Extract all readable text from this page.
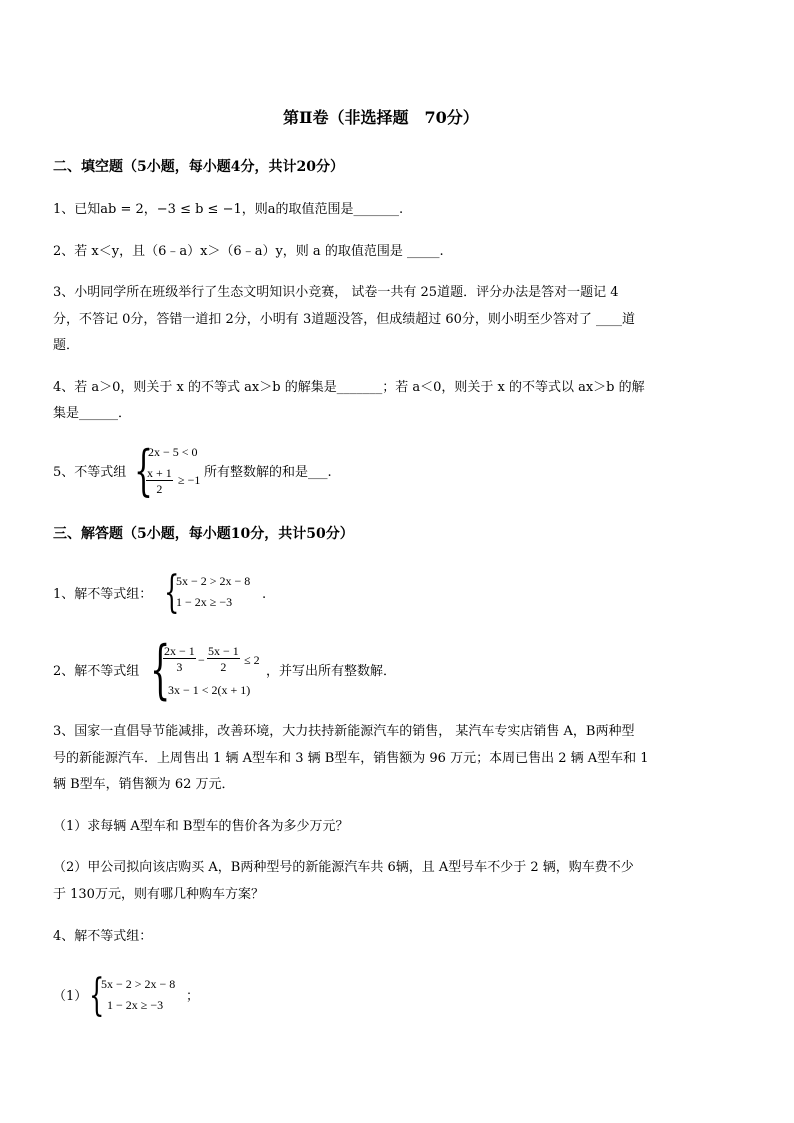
第Ⅱ卷（非选择题　70分）
二、填空题（5小题，每小题4分，共计20分）
1、已知ab = 2，−3 ≤ b ≤ −1，则a的取值范围是_______.
2、若 x＜y，且（6﹣a）x＞（6﹣a）y，则 a 的取值范围是 _____.
3、小明同学所在班级举行了生态文明知识小竞赛， 试卷一共有 25道题．评分办法是答对一题记 4
分，不答记 0分，答错一道扣 2分，小明有 3道题没答，但成绩超过 60分，则小明至少答对了 ____道
题．
4、若 a＞0，则关于 x 的不等式 ax＞b 的解集是_______；若 a＜0，则关于 x 的不等式以 ax＞b 的解
集是______．
5、不等式组 {
2x − 5 < 0
$\frac{x + 1}{2} \ge -1$ 所有整数解的和是___.
三、解答题（5小题，每小题10分，共计50分）
1、解不等式组： {
5x − 2 > 2x − 8
1 − 2x ≥ −3 .
2、解不等式组 {
$\frac{2x - 1}{3} - \frac{5x - 1}{2} \le 2$
3x − 1 < 2(x + 1)
，并写出所有整数解．
3、国家一直倡导节能减排，改善环境，大力扶持新能源汽车的销售， 某汽车专实店销售 A，B两种型
号的新能源汽车．上周售出 1 辆 A型车和 3 辆 B型车，销售额为 96 万元；本周已售出 2 辆 A型车和 1
辆 B型车，销售额为 62 万元．
（1）求每辆 A型车和 B型车的售价各为多少万元？
（2）甲公司拟向该店购买 A，B两种型号的新能源汽车共 6辆，且 A型号车不少于 2 辆，购车费不少
于 130万元，则有哪几种购车方案？
4、解不等式组：
（1） {
5x − 2 > 2x − 8
1 − 2x ≥ −3
；
